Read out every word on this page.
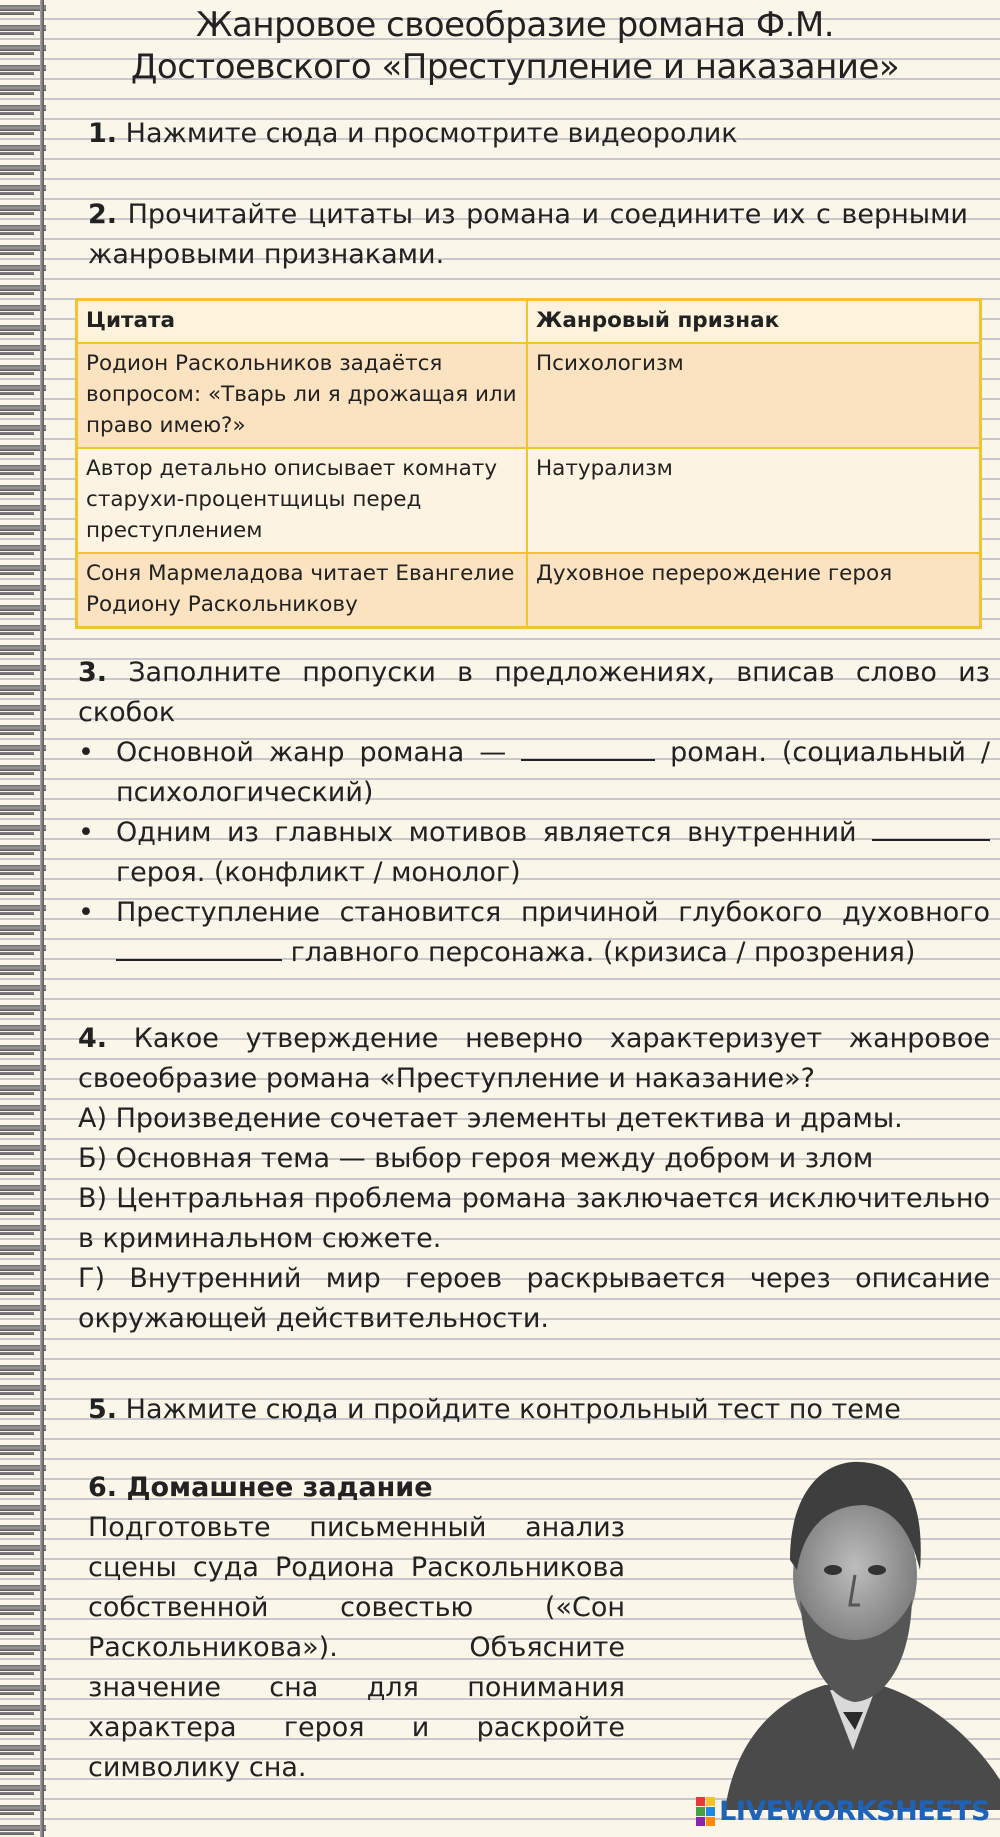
Жанровое своеобразие романа Ф.М.
Достоевского «Преступление и наказание»
1. Нажмите сюда и просмотрите видеоролик
2. Прочитайте цитаты из романа и соедините их с верными жанровыми признаками.
Цитата	Жанровый признак
Родион Раскольников задаётся вопросом: «Тварь ли я дрожащая или право имею?»	Психологизм
Автор детально описывает комнату старухи-процентщицы перед преступлением	Натурализм
Соня Мармеладова читает Евангелие Родиону Раскольникову	Духовное перерождение героя
3. Заполните пропуски в предложениях, вписав слово из скобок

• Основной жанр романа —	роман. (социальный / психологический)

• Одним из главных мотивов является внутренний  героя. (конфликт / монолог)

• Преступление становится причиной глубокого духовного  главного персонажа. (кризиса / прозрения)

4. Какое утверждение неверно характеризует жанровое своеобразие романа «Преступление и наказание»?
А) Произведение сочетает элементы детектива и драмы.
Б) Основная тема — выбор героя между добром и злом
В) Центральная проблема романа заключается исключительно в криминальном сюжете.
Г) Внутренний мир героев раскрывается через описание окружающей действительности.
5. Нажмите сюда и пройдите контрольный тест по теме
6. Домашнее задание
Подготовьте письменный анализ сцены суда Родиона Раскольникова собственной совестью («Сон Раскольникова»). Объясните значение сна для понимания характера героя и раскройте символику сна.
LIVEWORKSHEETS
